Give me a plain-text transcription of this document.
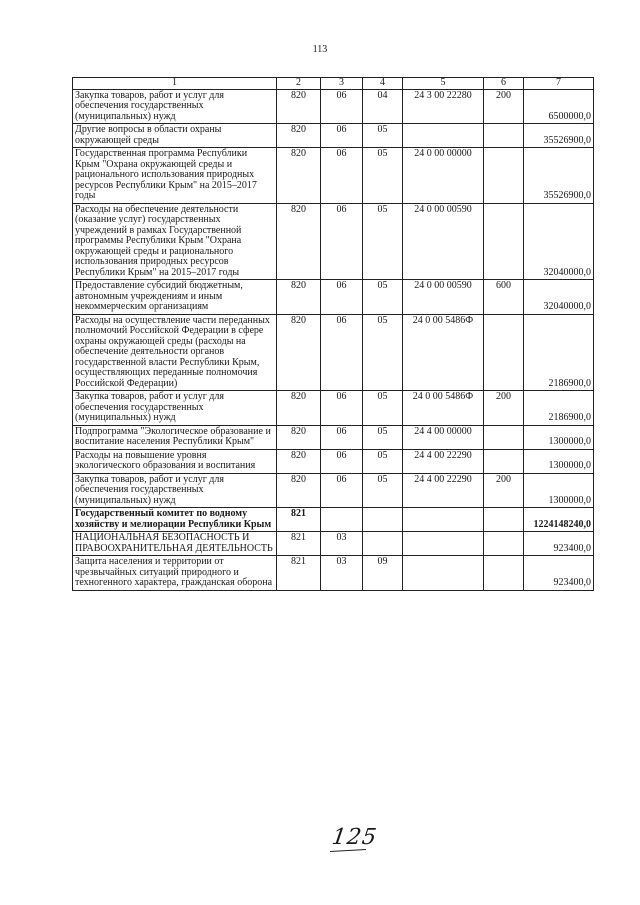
113
1	2	3	4	5	6	7
Закупка товаров, работ и услуг для обеспечения государственных (муниципальных) нужд	820	06	04	24 3 00 22280	200	6500000,0
Другие вопросы в области охраны окружающей среды	820	06	05			35526900,0
Государственная программа Республики Крым "Охрана окружающей среды и рационального использования природных ресурсов Республики Крым" на 2015–2017 годы	820	06	05	24 0 00 00000		35526900,0
Расходы на обеспечение деятельности (оказание услуг) государственных учреждений в рамках Государственной программы Республики Крым "Охрана окружающей среды и рационального использования природных ресурсов Республики Крым" на 2015–2017 годы	820	06	05	24 0 00 00590		32040000,0
Предоставление субсидий бюджетным, автономным учреждениям и иным некоммерческим организациям	820	06	05	24 0 00 00590	600	32040000,0
Расходы на осуществление части переданных полномочий Российской Федерации в сфере охраны окружающей среды (расходы на обеспечение деятельности органов государственной власти Республики Крым, осуществляющих переданные полномочия Российской Федерации)	820	06	05	24 0 00 5486Ф		2186900,0
Закупка товаров, работ и услуг для обеспечения государственных (муниципальных) нужд	820	06	05	24 0 00 5486Ф	200	2186900,0
Подпрограмма "Экологическое образование и воспитание населения Республики Крым"	820	06	05	24 4 00 00000		1300000,0
Расходы на повышение уровня экологического образования и воспитания	820	06	05	24 4 00 22290		1300000,0
Закупка товаров, работ и услуг для обеспечения государственных (муниципальных) нужд	820	06	05	24 4 00 22290	200	1300000,0
Государственный комитет по водному хозяйству и мелиорации Республики Крым	821					1224148240,0
НАЦИОНАЛЬНАЯ БЕЗОПАСНОСТЬ И ПРАВООХРАНИТЕЛЬНАЯ ДЕЯТЕЛЬНОСТЬ	821	03				923400,0
Защита населения и территории от чрезвычайных ситуаций природного и техногенного характера, гражданская оборона	821	03	09			923400,0
125
